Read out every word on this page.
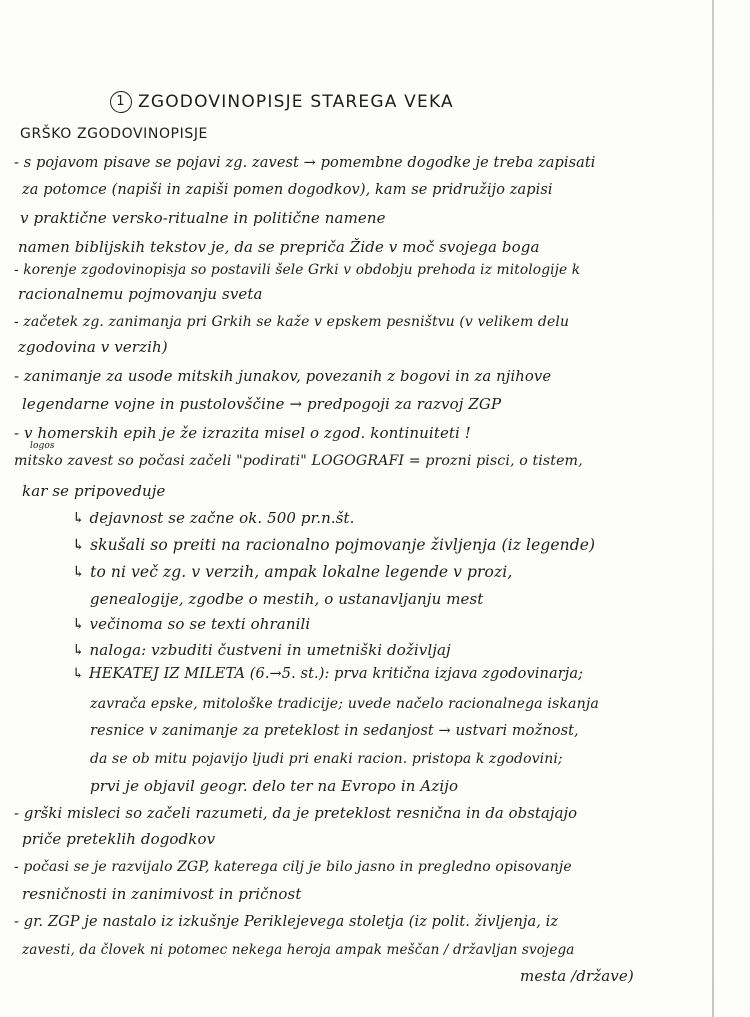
1 ZGODOVINOPISJE STAREGA VEKA
GRŠKO ZGODOVINOPISJE
- s pojavom pisave se pojavi zg. zavest → pomembne dogodke je treba zapisati
za potomce (napiši in zapiši pomen dogodkov), kam se pridružijo zapisi
v praktične versko-ritualne in politične namene
namen bibliјskih tekstov je, da se prepriča Žide v moč svojega boga
- korenje zgodovinopisja so postavili šele Grki v obdobju prehoda iz mitologije k
racionalnemu pojmovanju sveta
- začetek zg. zanimanja pri Grkih se kaže v epskem pesništvu (v velikem delu
zgodovina v verzih)
- zanimanje za usode mitskih junakov, povezanih z bogovi in za njihove
legendarne vojne in pustolovščine → predpogoji za razvoj ZGP
- v homerskih epih je že izrazita misel o zgod. kontinuiteti !
logos
mitsko zavest so počasi začeli "podirati" LOGOGRAFI = prozni pisci, o tistem,
kar se pripoveduje
↳ dejavnost se začne ok. 500 pr.n.št.
↳ skušali so preiti na racionalno pojmovanje življenja (iz legende)
↳ to ni več zg. v verzih, ampak lokalne legende v prozi,
genealogije, zgodbe o mestih, o ustanavljanju mest
↳ večinoma so se texti ohranili
↳ naloga: vzbuditi čustveni in umetniški doživljaj
↳ HEKATEJ IZ MILETA (6.→5. st.): prva kritična izjava zgodovinarja;
zavrača epske, mitološke tradicije; uvede načelo racionalnega iskanja
resnice v zanimanje za preteklost in sedanjost → ustvari možnost,
da se ob mitu pojavijo ljudi pri enaki racion. pristopa k zgodovini;
prvi je objavil geogr. delo ter na Evropo in Azijo
- grški misleci so začeli razumeti, da je preteklost resnična in da obstajajo
priče preteklih dogodkov
- počasi se je razvijalo ZGP, katerega cilj je bilo jasno in pregledno opisovanje
resničnosti in zanimivost in pričnost
- gr. ZGP je nastalo iz izkušnje Periklejevega stoletja (iz polit. življenja, iz
zavesti, da človek ni potomec nekega heroja ampak meščan / državljan svojega
mesta /države)
